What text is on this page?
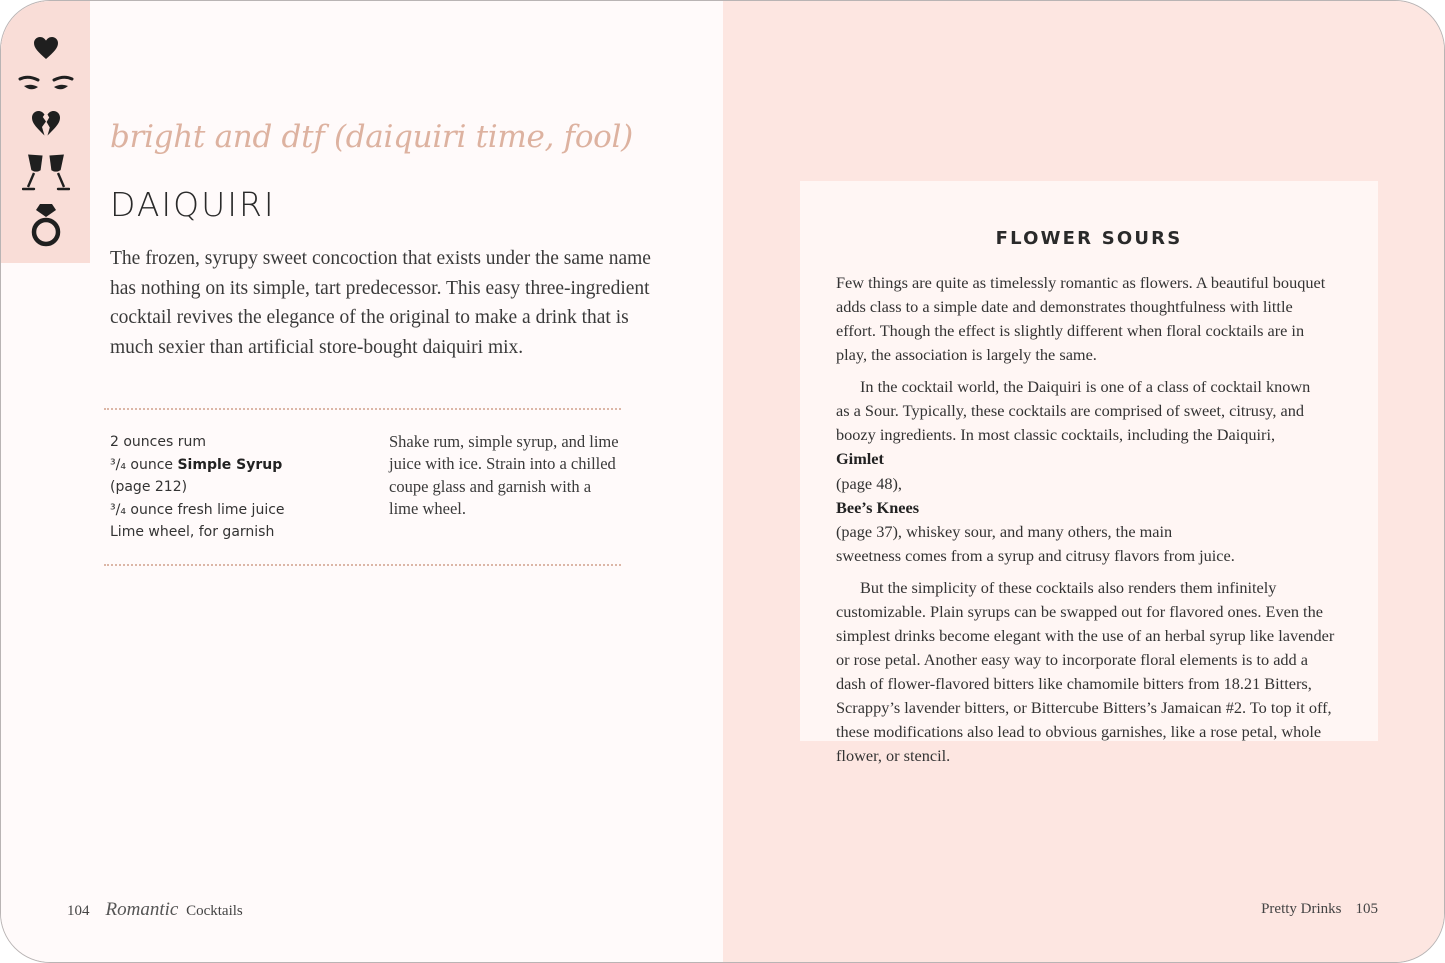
bright and dtf (daiquiri time, fool)
DAIQUIRI
The frozen, syrupy sweet concoction that exists under the same name
has nothing on its simple, tart predecessor. This easy three-ingredient
cocktail revives the elegance of the original to make a drink that is
much sexier than artificial store-bought daiquiri mix.
2 ounces rum
³/₄ ounce Simple Syrup
(page 212)
³/₄ ounce fresh lime juice
Lime wheel, for garnish
Shake rum, simple syrup, and lime
juice with ice. Strain into a chilled
coupe glass and garnish with a
lime wheel.
104 Romantic Cocktails
FLOWER SOURS
Few things are quite as timelessly romantic as flowers. A beautiful bouquet
adds class to a simple date and demonstrates thoughtfulness with little
effort. Though the effect is slightly different when floral cocktails are in
play, the association is largely the same.
In the cocktail world, the Daiquiri is one of a class of cocktail known
as a Sour. Typically, these cocktails are comprised of sweet, citrusy, and
boozy ingredients. In most classic cocktails, including the Daiquiri,
Gimlet
(page 48),
Bee’s Knees
(page 37), whiskey sour, and many others, the main
sweetness comes from a syrup and citrusy flavors from juice.
But the simplicity of these cocktails also renders them infinitely
customizable. Plain syrups can be swapped out for flavored ones. Even the
simplest drinks become elegant with the use of an herbal syrup like lavender
or rose petal. Another easy way to incorporate floral elements is to add a
dash of flower-flavored bitters like chamomile bitters from 18.21 Bitters,
Scrappy’s lavender bitters, or Bittercube Bitters’s Jamaican #2. To top it off,
these modifications also lead to obvious garnishes, like a rose petal, whole
flower, or stencil.
Pretty Drinks 105
